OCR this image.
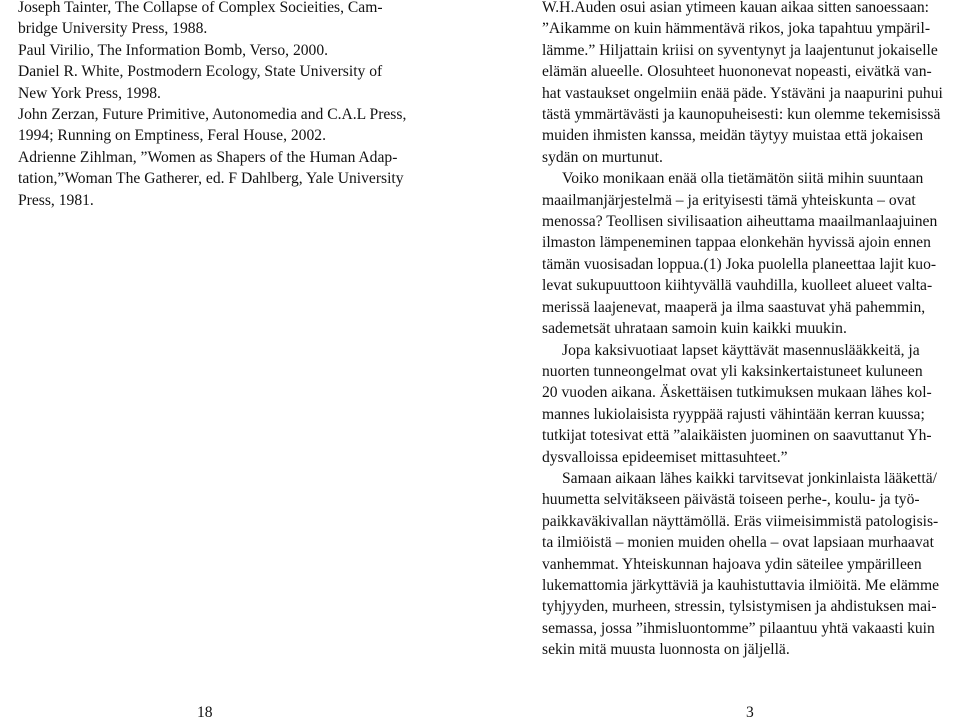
Joseph Tainter, The Collapse of Complex Socieities, Cam-
bridge University Press, 1988.

Paul Virilio, The Information Bomb, Verso, 2000.

Daniel R. White, Postmodern Ecology, State University of
New York Press, 1998.

John Zerzan, Future Primitive, Autonomedia and C.A.L Press,
1994; Running on Emptiness, Feral House, 2002.

Adrienne Zihlman, ”Women as Shapers of the Human Adap-
tation,”Woman The Gatherer, ed. F Dahlberg, Yale University
Press, 1981.

W.H.Auden osui asian ytimeen kauan aikaa sitten sanoessaan:
”Aikamme on kuin hämmentävä rikos, joka tapahtuu ympäril-
lämme.” Hiljattain kriisi on syventynyt ja laajentunut jokaiselle
elämän alueelle. Olosuhteet huononevat nopeasti, eivätkä van-
hat vastaukset ongelmiin enää päde. Ystäväni ja naapurini puhui
tästä ymmärtävästi ja kaunopuheisesti: kun olemme tekemisissä
muiden ihmisten kanssa, meidän täytyy muistaa että jokaisen
sydän on murtunut.

Voiko monikaan enää olla tietämätön siitä mihin suuntaan
maailmanjärjestelmä – ja erityisesti tämä yhteiskunta – ovat
menossa? Teollisen sivilisaation aiheuttama maailmanlaajuinen
ilmaston lämpeneminen tappaa elonkehän hyvissä ajoin ennen
tämän vuosisadan loppua.(1) Joka puolella planeettaa lajit kuo-
levat sukupuuttoon kiihtyvällä vauhdilla, kuolleet alueet valta-
merissä laajenevat, maaperä ja ilma saastuvat yhä pahemmin,
sademetsät uhrataan samoin kuin kaikki muukin.

Jopa kaksivuotiaat lapset käyttävät masennuslääkkeitä, ja
nuorten tunneongelmat ovat yli kaksinkertaistuneet kuluneen
20 vuoden aikana. Äskettäisen tutkimuksen mukaan lähes kol-
mannes lukiolaisista ryyppää rajusti vähintään kerran kuussa;
tutkijat totesivat että ”alaikäisten juominen on saavuttanut Yh-
dysvalloissa epideemiset mittasuhteet.”

Samaan aikaan lähes kaikki tarvitsevat jonkinlaista lääkettä/
huumetta selvitäkseen päivästä toiseen perhe-, koulu- ja työ-
paikkaväkivallan näyttämöllä. Eräs viimeisimmistä patologisis-
ta ilmiöistä – monien muiden ohella – ovat lapsiaan murhaavat
vanhemmat. Yhteiskunnan hajoava ydin säteilee ympärilleen
lukemattomia järkyttäviä ja kauhistuttavia ilmiöitä. Me elämme
tyhjyyden, murheen, stressin, tylsistymisen ja ahdistuksen mai-
semassa, jossa ”ihmisluontomme” pilaantuu yhtä vakaasti kuin
sekin mitä muusta luonnosta on jäljellä.

18	3
